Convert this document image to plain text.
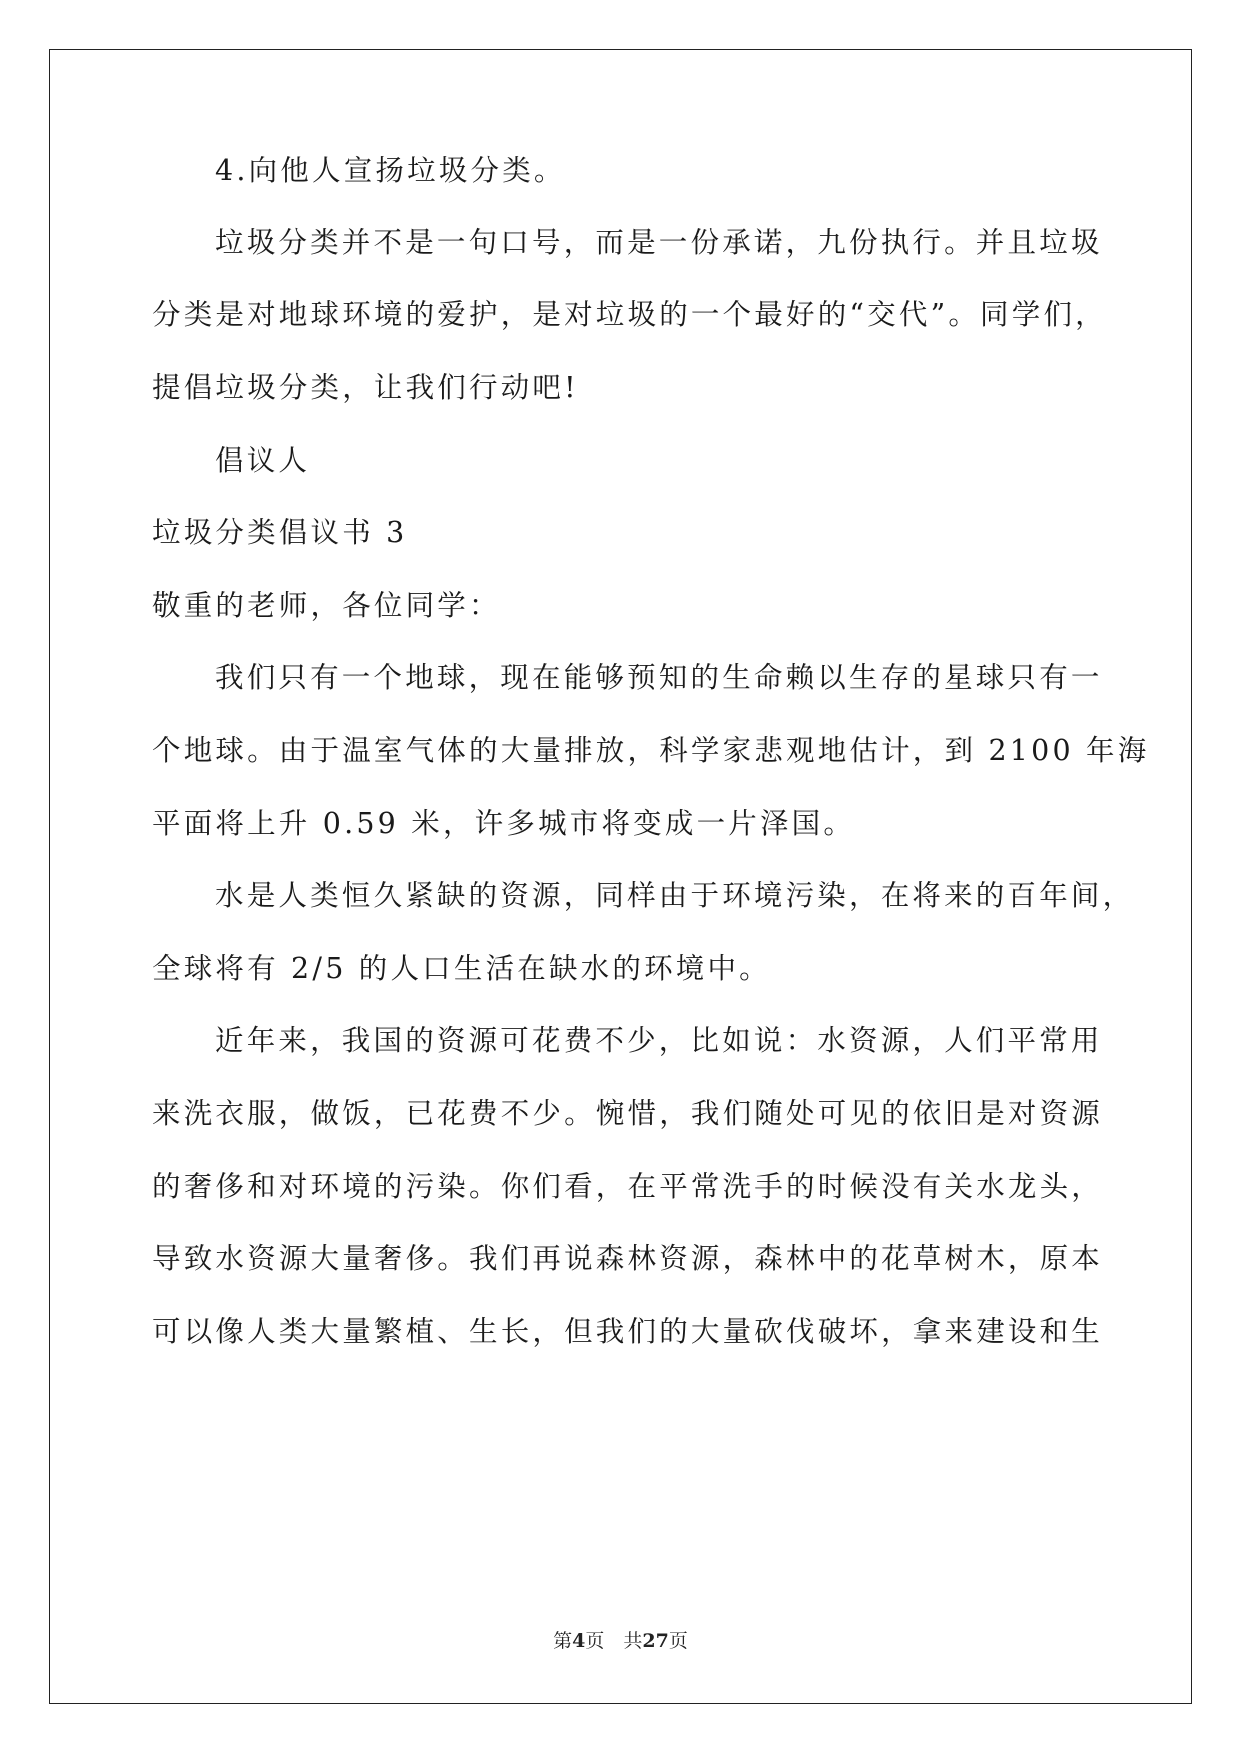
4.向他人宣扬垃圾分类。
垃圾分类并不是一句口号，而是一份承诺，九份执行。并且垃圾
分类是对地球环境的爱护，是对垃圾的一个最好的“交代”。同学们，
提倡垃圾分类，让我们行动吧!
倡议人
垃圾分类倡议书 3
敬重的老师，各位同学：
我们只有一个地球，现在能够预知的生命赖以生存的星球只有一
个地球。由于温室气体的大量排放，科学家悲观地估计，到 2100 年海
平面将上升 0.59 米，许多城市将变成一片泽国。
水是人类恒久紧缺的资源，同样由于环境污染，在将来的百年间，
全球将有 2/5 的人口生活在缺水的环境中。
近年来，我国的资源可花费不少，比如说：水资源，人们平常用
来洗衣服，做饭，已花费不少。惋惜，我们随处可见的依旧是对资源
的奢侈和对环境的污染。你们看，在平常洗手的时候没有关水龙头，
导致水资源大量奢侈。我们再说森林资源，森林中的花草树木，原本
可以像人类大量繁植、生长，但我们的大量砍伐破坏，拿来建设和生
第4页　共27页
